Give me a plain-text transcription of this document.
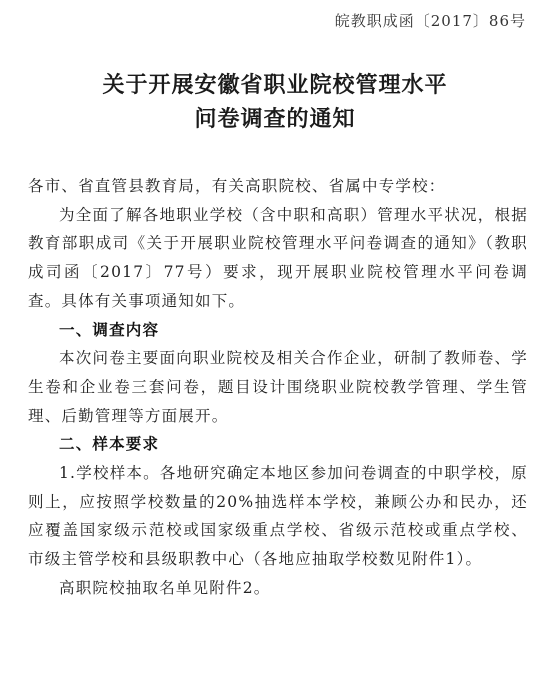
皖教职成函〔2017〕86号
关于开展安徽省职业院校管理水平
问卷调查的通知

各市、省直管县教育局，有关高职院校、省属中专学校：

为全面了解各地职业学校（含中职和高职）管理水平状况，根据教育部职成司《关于开展职业院校管理水平问卷调查的通知》（教职成司函〔2017〕77号）要求，现开展职业院校管理水平问卷调查。具体有关事项通知如下。

一、调查内容

本次问卷主要面向职业院校及相关合作企业，研制了教师卷、学生卷和企业卷三套问卷，题目设计围绕职业院校教学管理、学生管理、后勤管理等方面展开。

二、样本要求

1.学校样本。各地研究确定本地区参加问卷调查的中职学校，原则上，应按照学校数量的20%抽选样本学校，兼顾公办和民办，还应覆盖国家级示范校或国家级重点学校、省级示范校或重点学校、市级主管学校和县级职教中心（各地应抽取学校数见附件1）。

高职院校抽取名单见附件2。
